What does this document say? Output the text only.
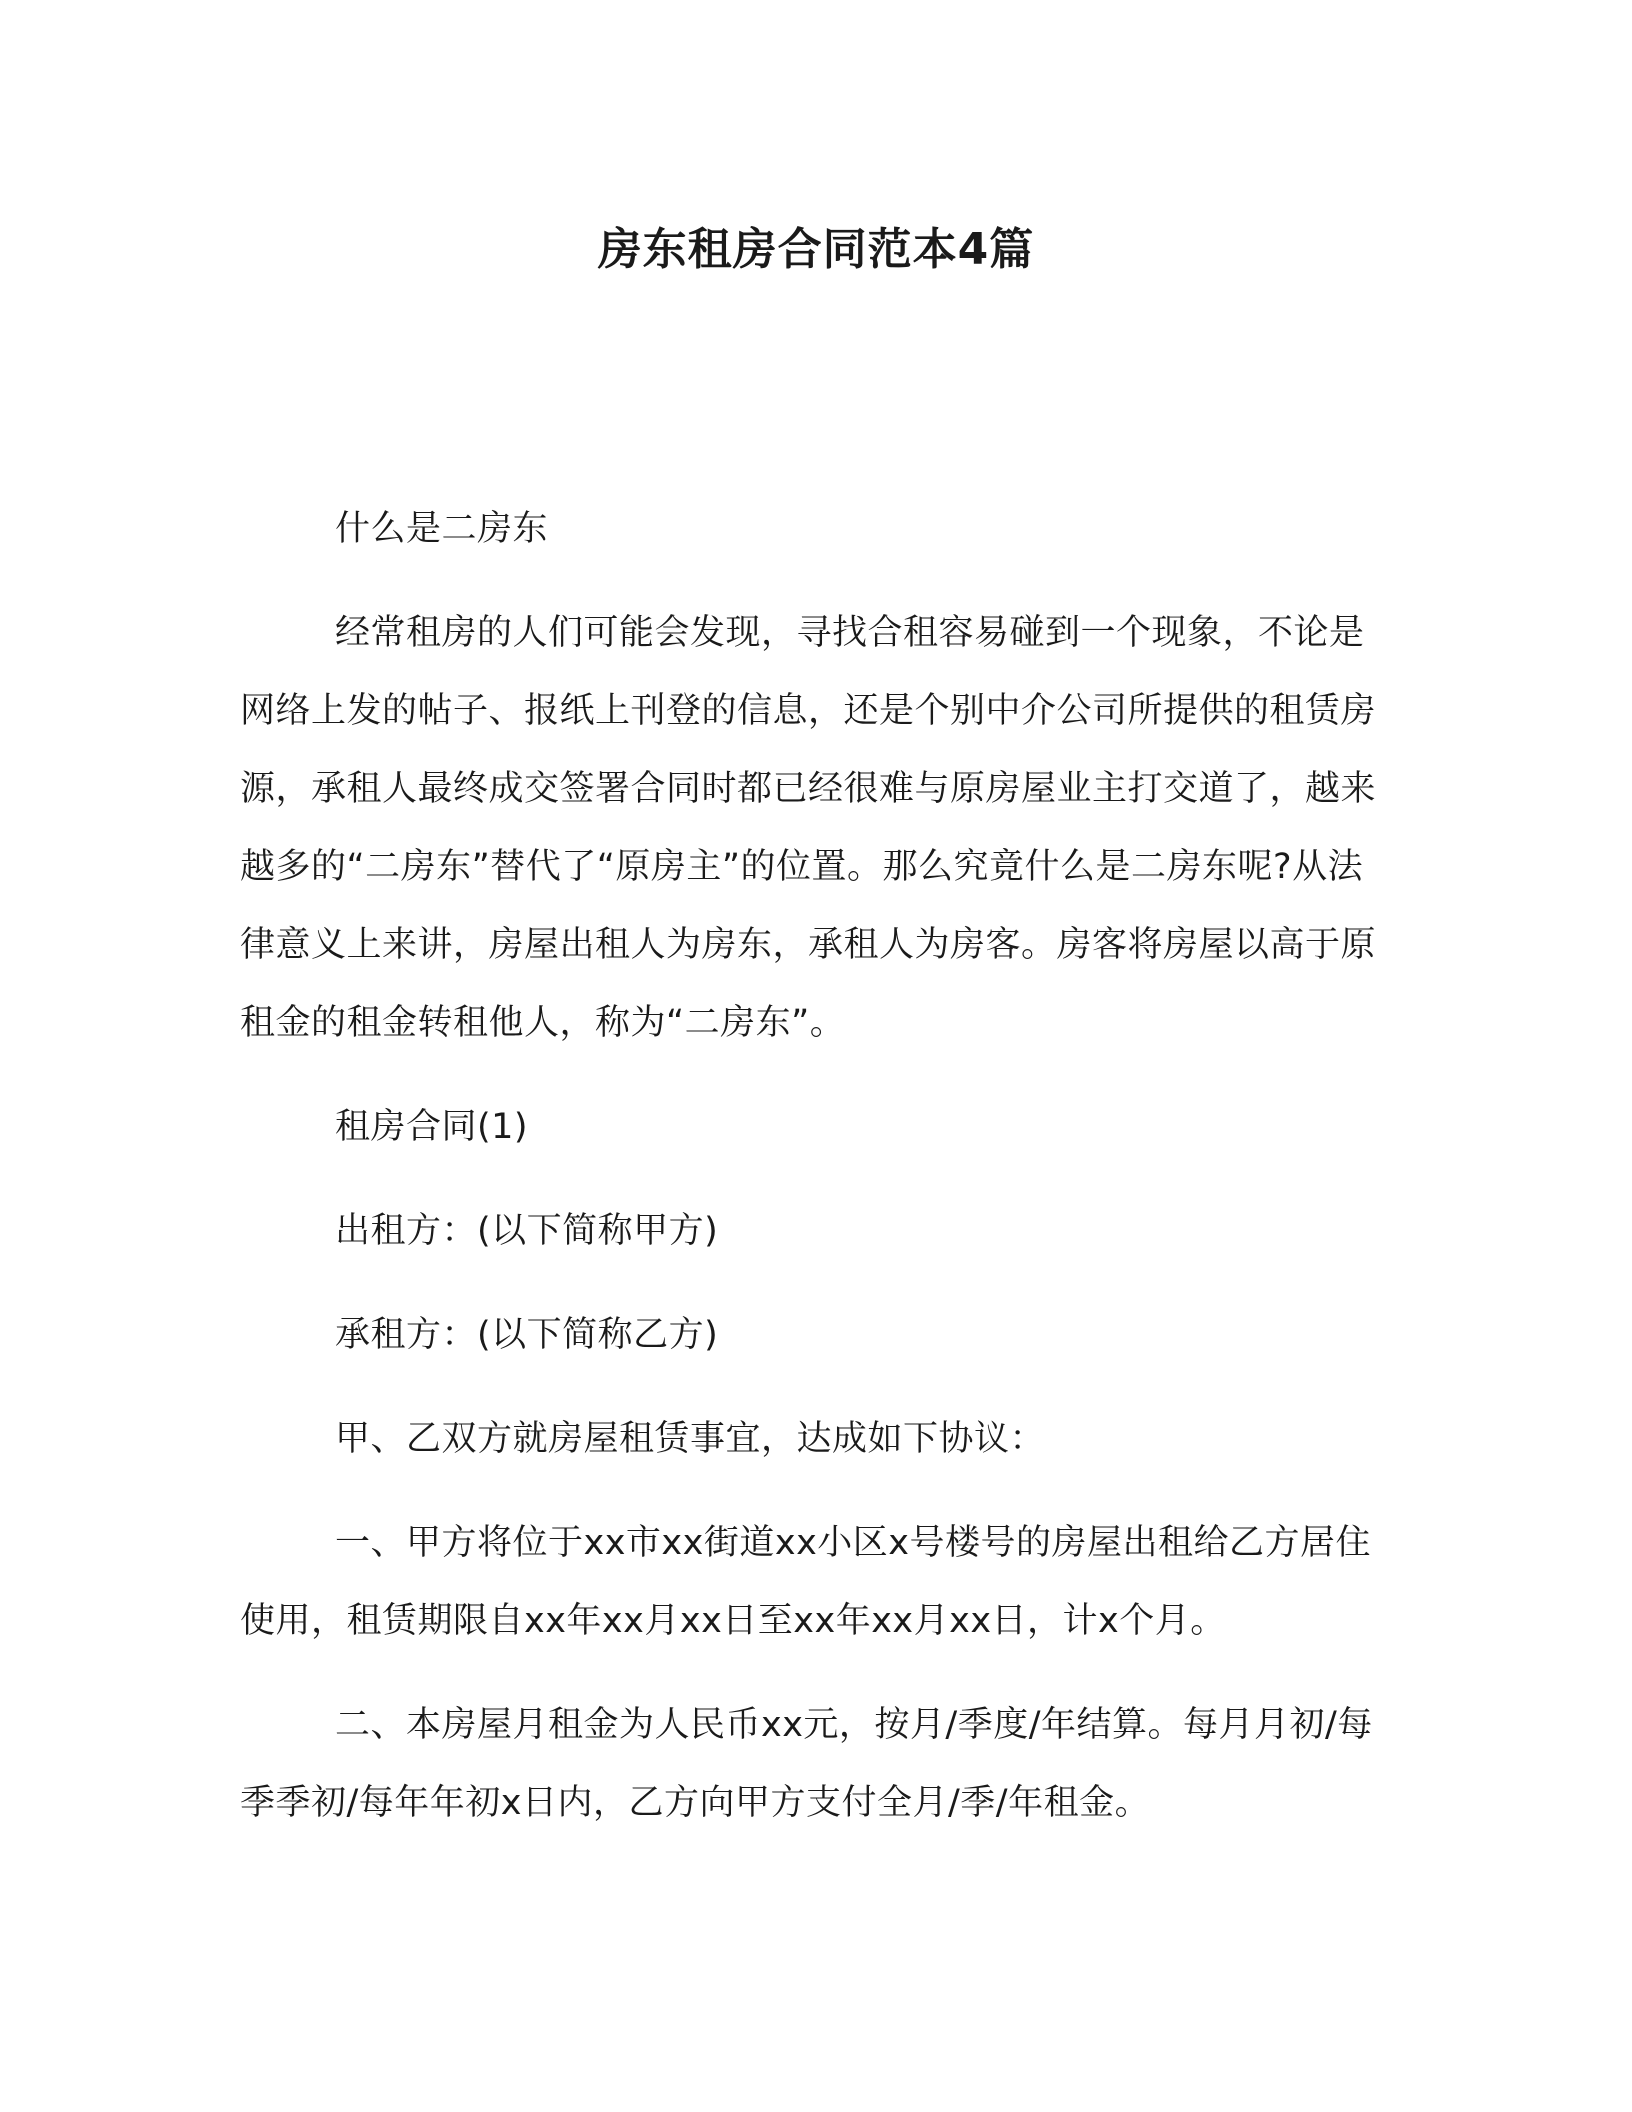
房东租房合同范本4篇

什么是二房东

经常租房的人们可能会发现，寻找合租容易碰到一个现象，不论是网络上发的帖子、报纸上刊登的信息，还是个别中介公司所提供的租赁房源，承租人最终成交签署合同时都已经很难与原房屋业主打交道了，越来越多的“二房东”替代了“原房主”的位置。那么究竟什么是二房东呢?从法律意义上来讲，房屋出租人为房东，承租人为房客。房客将房屋以高于原租金的租金转租他人，称为“二房东”。

租房合同(1)

出租方：(以下简称甲方)

承租方：(以下简称乙方)

甲、乙双方就房屋租赁事宜，达成如下协议：

一、甲方将位于xx市xx街道xx小区x号楼号的房屋出租给乙方居住使用，租赁期限自xx年xx月xx日至xx年xx月xx日，计x个月。

二、本房屋月租金为人民币xx元，按月/季度/年结算。每月月初/每季季初/每年年初x日内，乙方向甲方支付全月/季/年租金。
